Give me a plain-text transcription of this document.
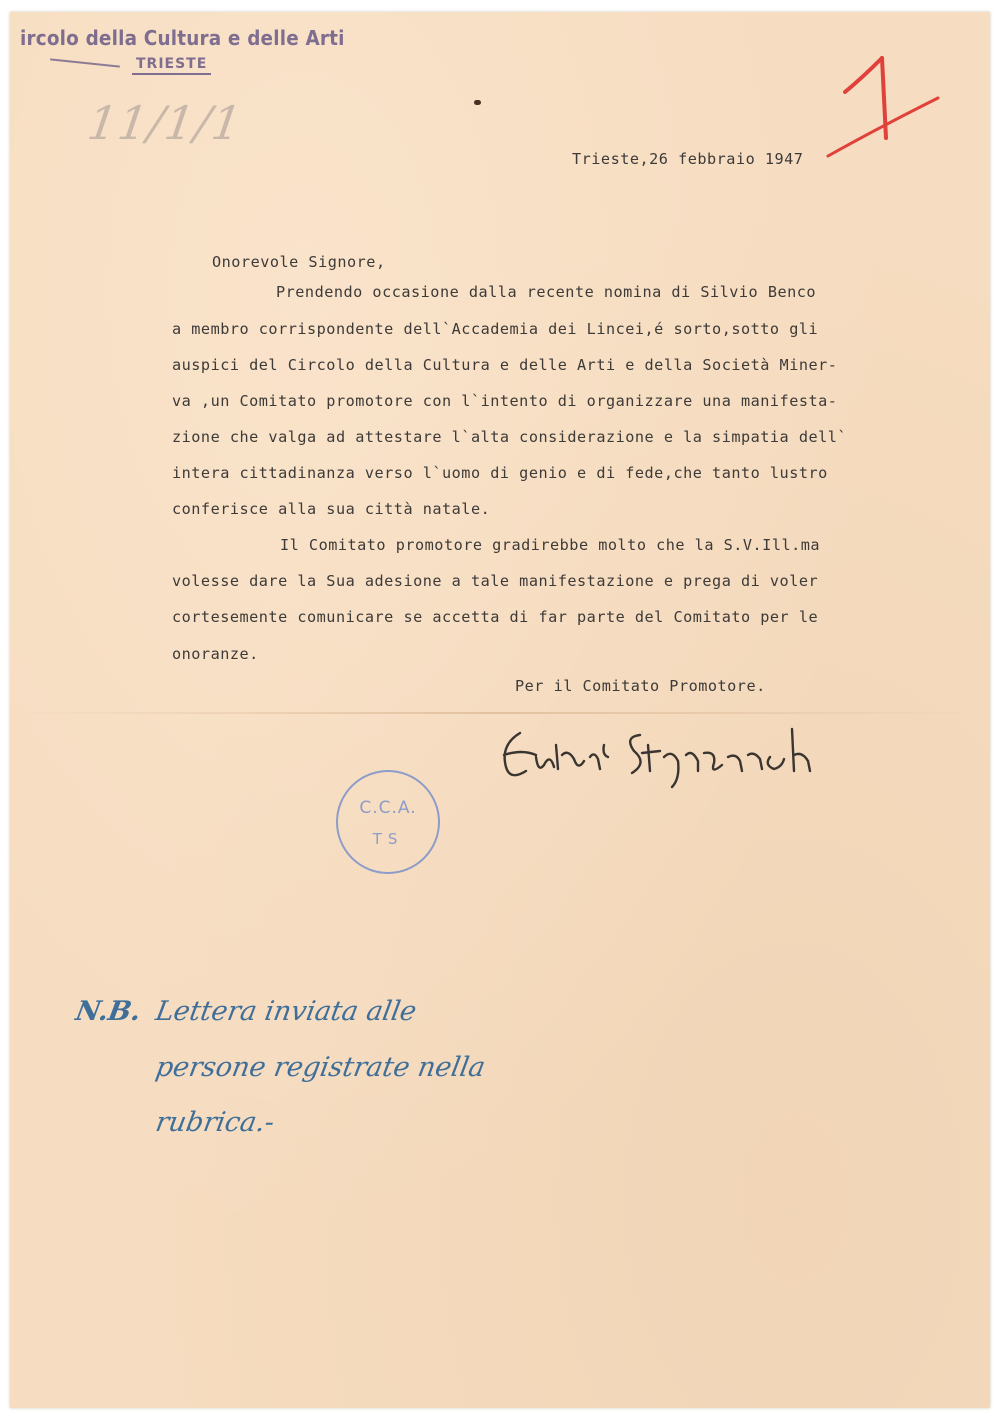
ircolo della Cultura e delle Arti
TRIESTE
11/1/1
1
Trieste,26 febbraio 1947
Onorevole Signore,
Prendendo occasione dalla recente nomina di Silvio Benco
a membro corrispondente dell`Accademia dei Lincei,é sorto,sotto gli
auspici del Circolo della Cultura e delle Arti e della Società Miner-
va ,un Comitato promotore con l`intento di organizzare una manifesta-
zione che valga ad attestare l`alta considerazione e la simpatia dell`
intera cittadinanza verso l`uomo di genio e di fede,che tanto lustro
conferisce alla sua città natale.
Il Comitato promotore gradirebbe molto che la S.V.Ill.ma
volesse dare la Sua adesione a tale manifestazione e prega di voler
cortesemente comunicare se accetta di far parte del Comitato per le
onoranze.
Per il Comitato Promotore.
C.C.A.
TS
N.B. Lettera inviata alle
persone registrate nella
rubrica.-
